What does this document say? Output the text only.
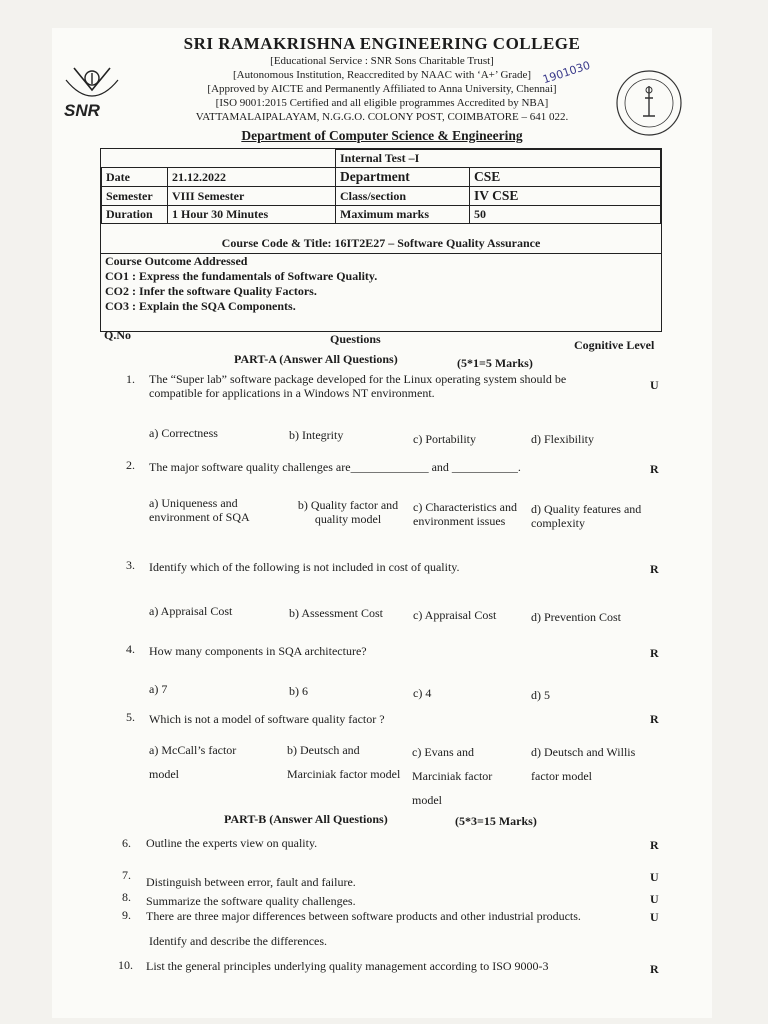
SNR
SRI RAMAKRISHNA ENGINEERING COLLEGE
[Educational Service : SNR Sons Charitable Trust]
[Autonomous Institution, Reaccredited by NAAC with ‘A+’ Grade]
[Approved by AICTE and Permanently Affiliated to Anna University, Chennai]
[ISO 9001:2015 Certified and all eligible programmes Accredited by NBA]
VATTAMALAIPALAYAM, N.G.G.O. COLONY POST, COIMBATORE – 641 022.
Department of Computer Science & Engineering
1901030
		Internal Test –I	
Date	21.12.2022	Department	CSE
Semester	VIII Semester	Class/section	IV CSE
Duration	1 Hour 30 Minutes	Maximum marks	50
Course Code & Title: 16IT2E27 – Software Quality Assurance
Course Outcome Addressed
CO1 : Express the fundamentals of Software Quality.
CO2 : Infer the software Quality Factors.
CO3 : Explain the SQA Components.
Q.No	Questions	Cognitive Level
PART-A (Answer All Questions)	(5*1=5 Marks)
1. The “Super lab” software package developed for the Linux operating system should be compatible for applications in a Windows NT environment.
U
a) Correctness	b) Integrity	c) Portability	d) Flexibility
2. The major software quality challenges are_____________ and ___________.	R
a) Uniqueness and environment of SQA
b) Quality factor and quality model
c) Characteristics and environment issues
d) Quality features and complexity
3. Identify which of the following is not included in cost of quality.	R
a) Appraisal Cost	b) Assessment Cost c) Appraisal Cost	d) Prevention Cost
4. How many components in SQA architecture?	R
a) 7	b) 6	c) 4	d) 5
5. Which is not a model of software quality factor ?	R
a) McCall’s factor model
b) Deutsch and Marciniak factor model
c) Evans and Marciniak factor model
d) Deutsch and Willis factor model
PART-B (Answer All Questions)	(5*3=15 Marks)
6. Outline the experts view on quality.	R
7. Distinguish between error, fault and failure.	U
8. Summarize the software quality challenges.	U
9. There are three major differences between software products and other industrial products.
Identify and describe the differences.
U
10. List the general principles underlying quality management according to ISO 9000-3	R
